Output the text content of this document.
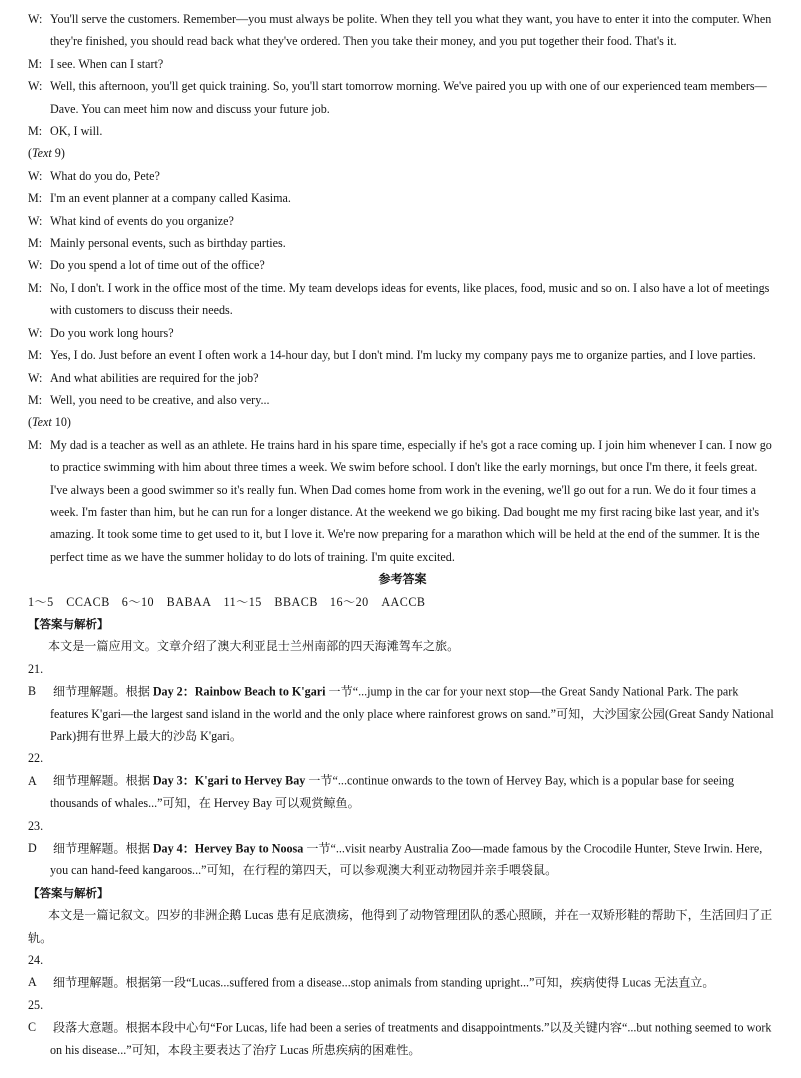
W: You'll serve the customers. Remember—you must always be polite. When they tell you what they want, you have to enter it into the computer. When they're finished, you should read back what they've ordered. Then you take their money, and you put together their food. That's it.

M: I see. When can I start?

W: Well, this afternoon, you'll get quick training. So, you'll start tomorrow morning. We've paired you up with one of our experienced team members—Dave. You can meet him now and discuss your future job.

M: OK, I will.

(Text 9)

W: What do you do, Pete?

M: I'm an event planner at a company called Kasima.

W: What kind of events do you organize?

M: Mainly personal events, such as birthday parties.

W: Do you spend a lot of time out of the office?

M: No, I don't. I work in the office most of the time. My team develops ideas for events, like places, food, music and so on. I also have a lot of meetings with customers to discuss their needs.

W: Do you work long hours?

M: Yes, I do. Just before an event I often work a 14-hour day, but I don't mind. I'm lucky my company pays me to organize parties, and I love parties.

W: And what abilities are required for the job?

M: Well, you need to be creative, and also very...

(Text 10)

M: My dad is a teacher as well as an athlete. He trains hard in his spare time, especially if he's got a race coming up. I join him whenever I can. I now go to practice swimming with him about three times a week. We swim before school. I don't like the early mornings, but once I'm there, it feels great. I've always been a good swimmer so it's really fun. When Dad comes home from work in the evening, we'll go out for a run. We do it four times a week. I'm faster than him, but he can run for a longer distance. At the weekend we go biking. Dad bought me my first racing bike last year, and it's amazing. It took some time to get used to it, but I love it. We're now preparing for a marathon which will be held at the end of the summer. It is the perfect time as we have the summer holiday to do lots of training. I'm quite excited.

参考答案

1～5  CCACB 6～10  BABAA 11～15  BBACB 16～20  AACCB

【答案与解析】

本文是一篇应用文。文章介绍了澳大利亚昆士兰州南部的四天海滩驾车之旅。

21. B 细节理解题。根据 Day 2：Rainbow Beach to K'gari 一节“...jump in the car for your next stop—the Great Sandy National Park. The park features K'gari—the largest sand island in the world and the only place where rainforest grows on sand.”可知，大沙国家公园(Great Sandy National Park)拥有世界上最大的沙岛 K'gari。

22. A 细节理解题。根据 Day 3：K'gari to Hervey Bay 一节“...continue onwards to the town of Hervey Bay, which is a popular base for seeing thousands of whales...”可知，在 Hervey Bay 可以观赏鲸鱼。

23. D 细节理解题。根据 Day 4：Hervey Bay to Noosa 一节“...visit nearby Australia Zoo—made famous by the Crocodile Hunter, Steve Irwin. Here, you can hand-feed kangaroos...”可知，在行程的第四天，可以参观澳大利亚动物园并亲手喂袋鼠。

【答案与解析】

本文是一篇记叙文。四岁的非洲企鹅 Lucas 患有足底溃疡，他得到了动物管理团队的悉心照顾，并在一双矫形鞋的帮助下，生活回归了正轨。

24. A 细节理解题。根据第一段“Lucas...suffered from a disease...stop animals from standing upright...”可知，疾病使得 Lucas 无法直立。

25. C 段落大意题。根据本段中心句“For Lucas, life had been a series of treatments and disappointments.”以及关键内容“...but nothing seemed to work on his disease...”可知，本段主要表达了治疗 Lucas 所患疾病的困难性。
